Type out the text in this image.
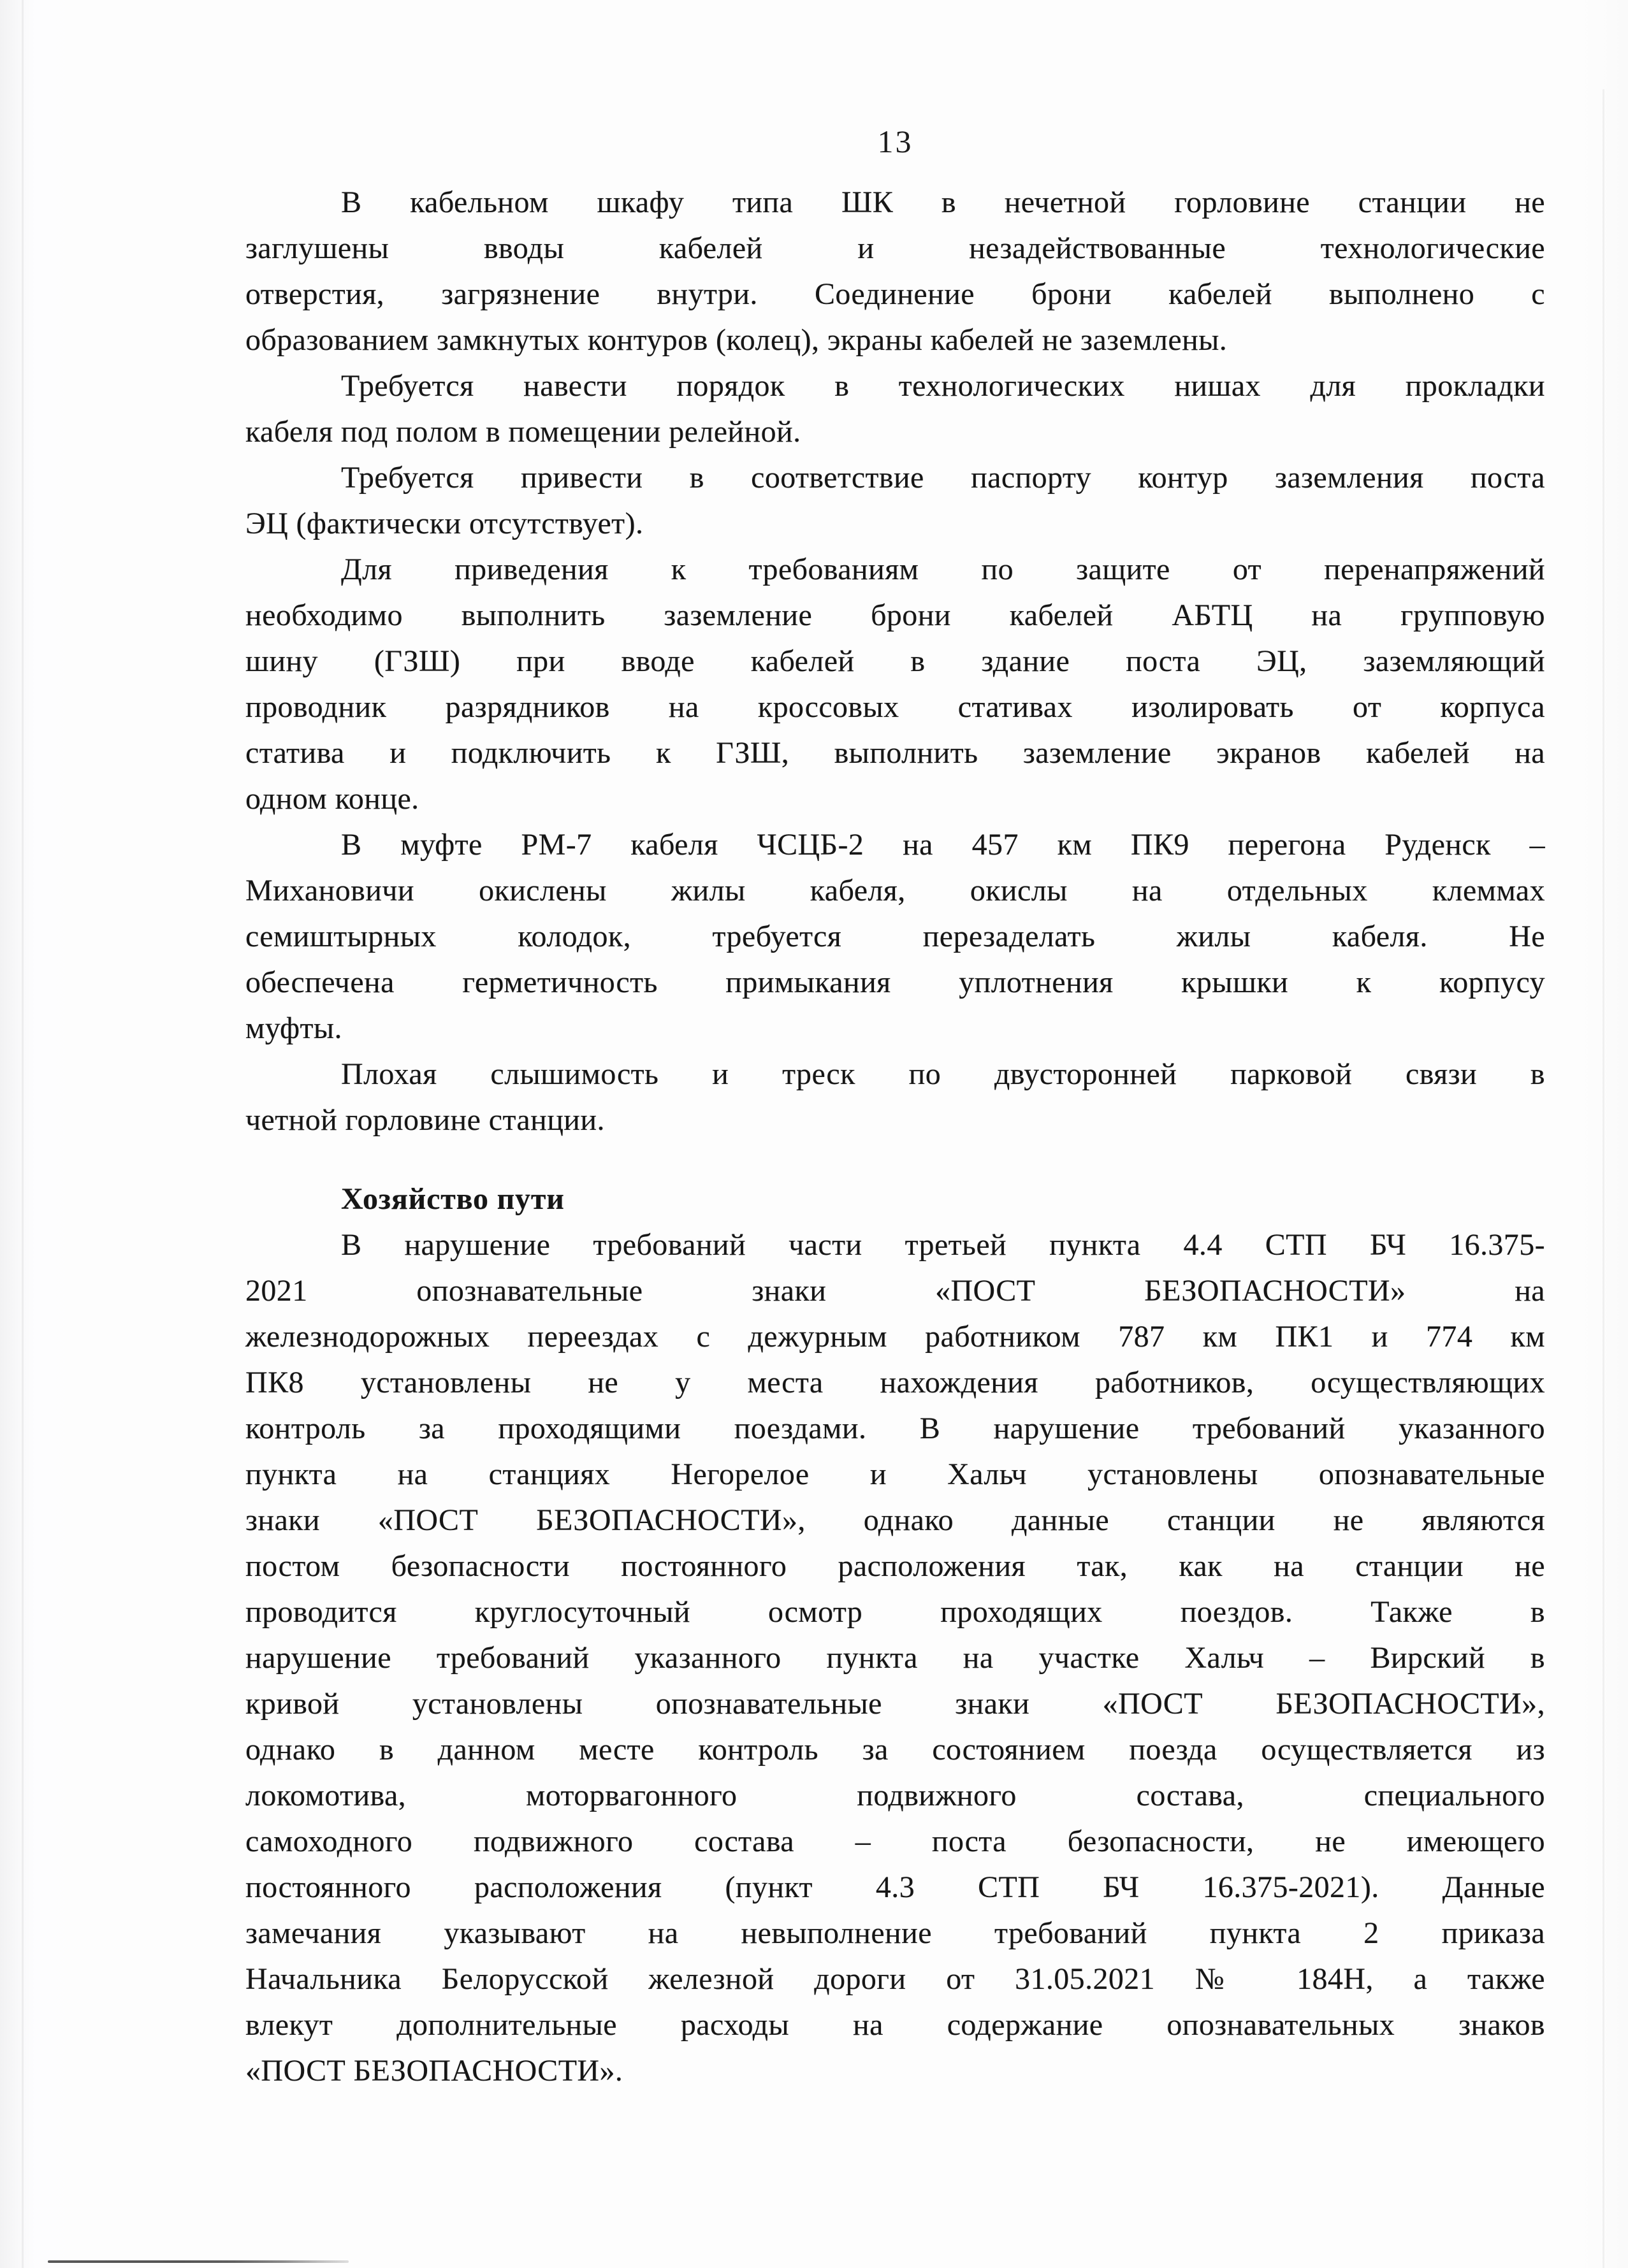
13
В кабельном шкафу типа ШК в нечетной горловине станции не
заглушены вводы кабелей и незадействованные технологические
отверстия, загрязнение внутри. Соединение брони кабелей выполнено с
образованием замкнутых контуров (колец), экраны кабелей не заземлены.
Требуется навести порядок в технологических нишах для прокладки
кабеля под полом в помещении релейной.
Требуется привести в соответствие паспорту контур заземления поста
ЭЦ (фактически отсутствует).
Для приведения к требованиям по защите от перенапряжений
необходимо выполнить заземление брони кабелей АБТЦ на групповую
шину (ГЗШ) при вводе кабелей в здание поста ЭЦ, заземляющий
проводник разрядников на кроссовых стативах изолировать от корпуса
статива и подключить к ГЗШ, выполнить заземление экранов кабелей на
одном конце.
В муфте РМ-7 кабеля ЧСЦБ-2 на 457 км ПК9 перегона Руденск –
Михановичи окислены жилы кабеля, окислы на отдельных клеммах
семиштырных колодок, требуется перезаделать жилы кабеля. Не
обеспечена герметичность примыкания уплотнения крышки к корпусу
муфты.
Плохая слышимость и треск по двусторонней парковой связи в
четной горловине станции.
Хозяйство пути
В нарушение требований части третьей пункта 4.4 СТП БЧ 16.375-
2021 опознавательные знаки «ПОСТ БЕЗОПАСНОСТИ» на
железнодорожных переездах с дежурным работником 787 км ПК1 и 774 км
ПК8 установлены не у места нахождения работников, осуществляющих
контроль за проходящими поездами. В нарушение требований указанного
пункта на станциях Негорелое и Хальч установлены опознавательные
знаки «ПОСТ БЕЗОПАСНОСТИ», однако данные станции не являются
постом безопасности постоянного расположения так, как на станции не
проводится круглосуточный осмотр проходящих поездов. Также в
нарушение требований указанного пункта на участке Хальч – Вирский в
кривой установлены опознавательные знаки «ПОСТ БЕЗОПАСНОСТИ»,
однако в данном месте контроль за состоянием поезда осуществляется из
локомотива, моторвагонного подвижного состава, специального
самоходного подвижного состава – поста безопасности, не имеющего
постоянного расположения (пункт 4.3 СТП БЧ 16.375-2021). Данные
замечания указывают на невыполнение требований пункта 2 приказа
Начальника Белорусской железной дороги от 31.05.2021 № 184Н, а также
влекут дополнительные расходы на содержание опознавательных знаков
«ПОСТ БЕЗОПАСНОСТИ».
